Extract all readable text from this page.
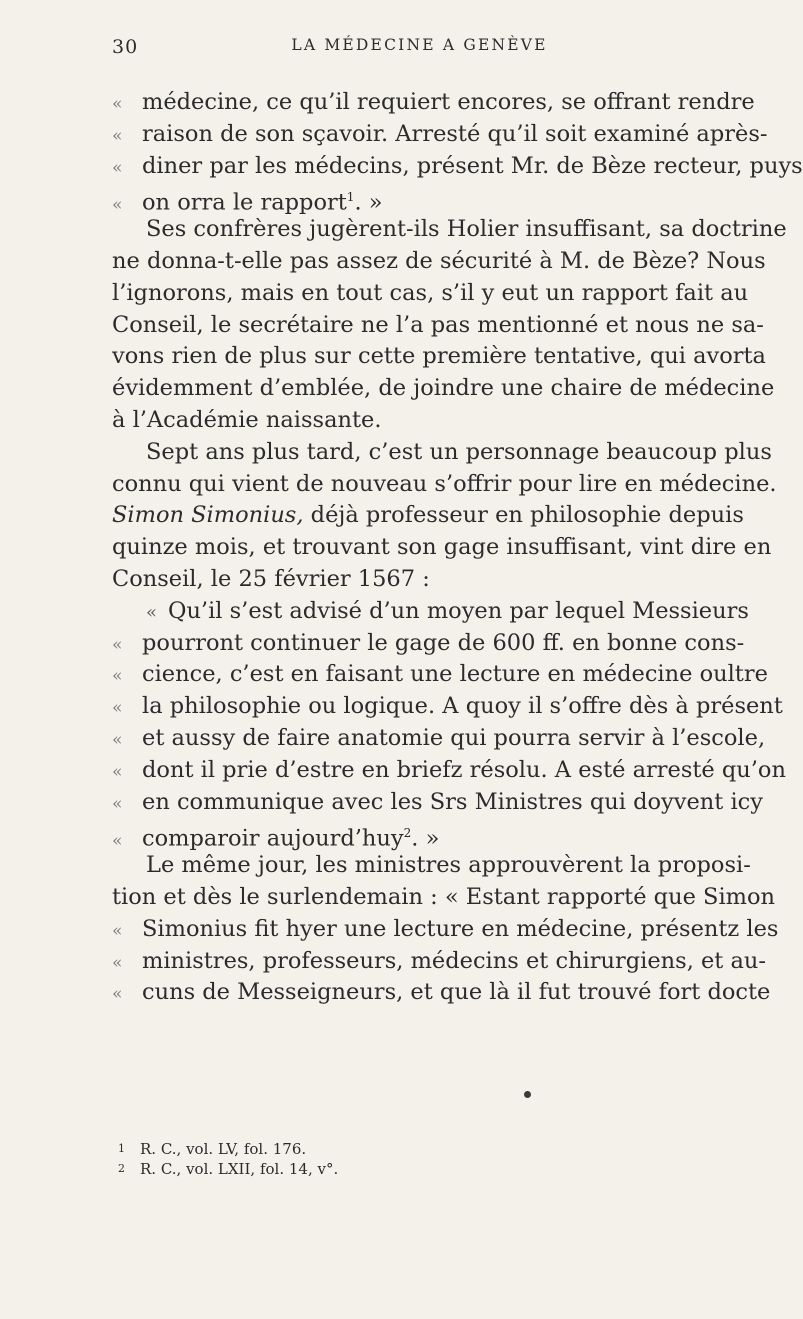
30	LA MÉDECINE A GENÈVE
« médecine, ce qu’il requiert encores, se offrant rendre
« raison de son sçavoir. Arresté qu’il soit examiné après-
« diner par les médecins, présent Mr. de Bèze recteur, puys
« on orra le rapport$^1$. »
Ses confrères jugèrent-ils Holier insuffisant, sa doctrine
ne donna-t-elle pas assez de sécurité à M. de Bèze? Nous
l’ignorons, mais en tout cas, s’il y eut un rapport fait au
Conseil, le secrétaire ne l’a pas mentionné et nous ne sa-
vons rien de plus sur cette première tentative, qui avorta
évidemment d’emblée, de joindre une chaire de médecine
à l’Académie naissante.
Sept ans plus tard, c’est un personnage beaucoup plus
connu qui vient de nouveau s’offrir pour lire en médecine.
Simon Simonius, déjà professeur en philosophie depuis
quinze mois, et trouvant son gage insuffisant, vint dire en
Conseil, le 25 février 1567 :
« Qu’il s’est advisé d’un moyen par lequel Messieurs
« pourront continuer le gage de 600 ff. en bonne cons-
« cience, c’est en faisant une lecture en médecine oultre
« la philosophie ou logique. A quoy il s’offre dès à présent
« et aussy de faire anatomie qui pourra servir à l’escole,
« dont il prie d’estre en briefz résolu. A esté arresté qu’on
« en communique avec les Srs Ministres qui doyvent icy
« comparoir aujourd’huy$^2$. »
Le même jour, les ministres approuvèrent la proposi-
tion et dès le surlendemain : « Estant rapporté que Simon
« Simonius fit hyer une lecture en médecine, présentz les
« ministres, professeurs, médecins et chirurgiens, et au-
« cuns de Messeigneurs, et que là il fut trouvé fort docte
1 R. C., vol. LV, fol. 176.
2 R. C., vol. LXII, fol. 14, v°.
